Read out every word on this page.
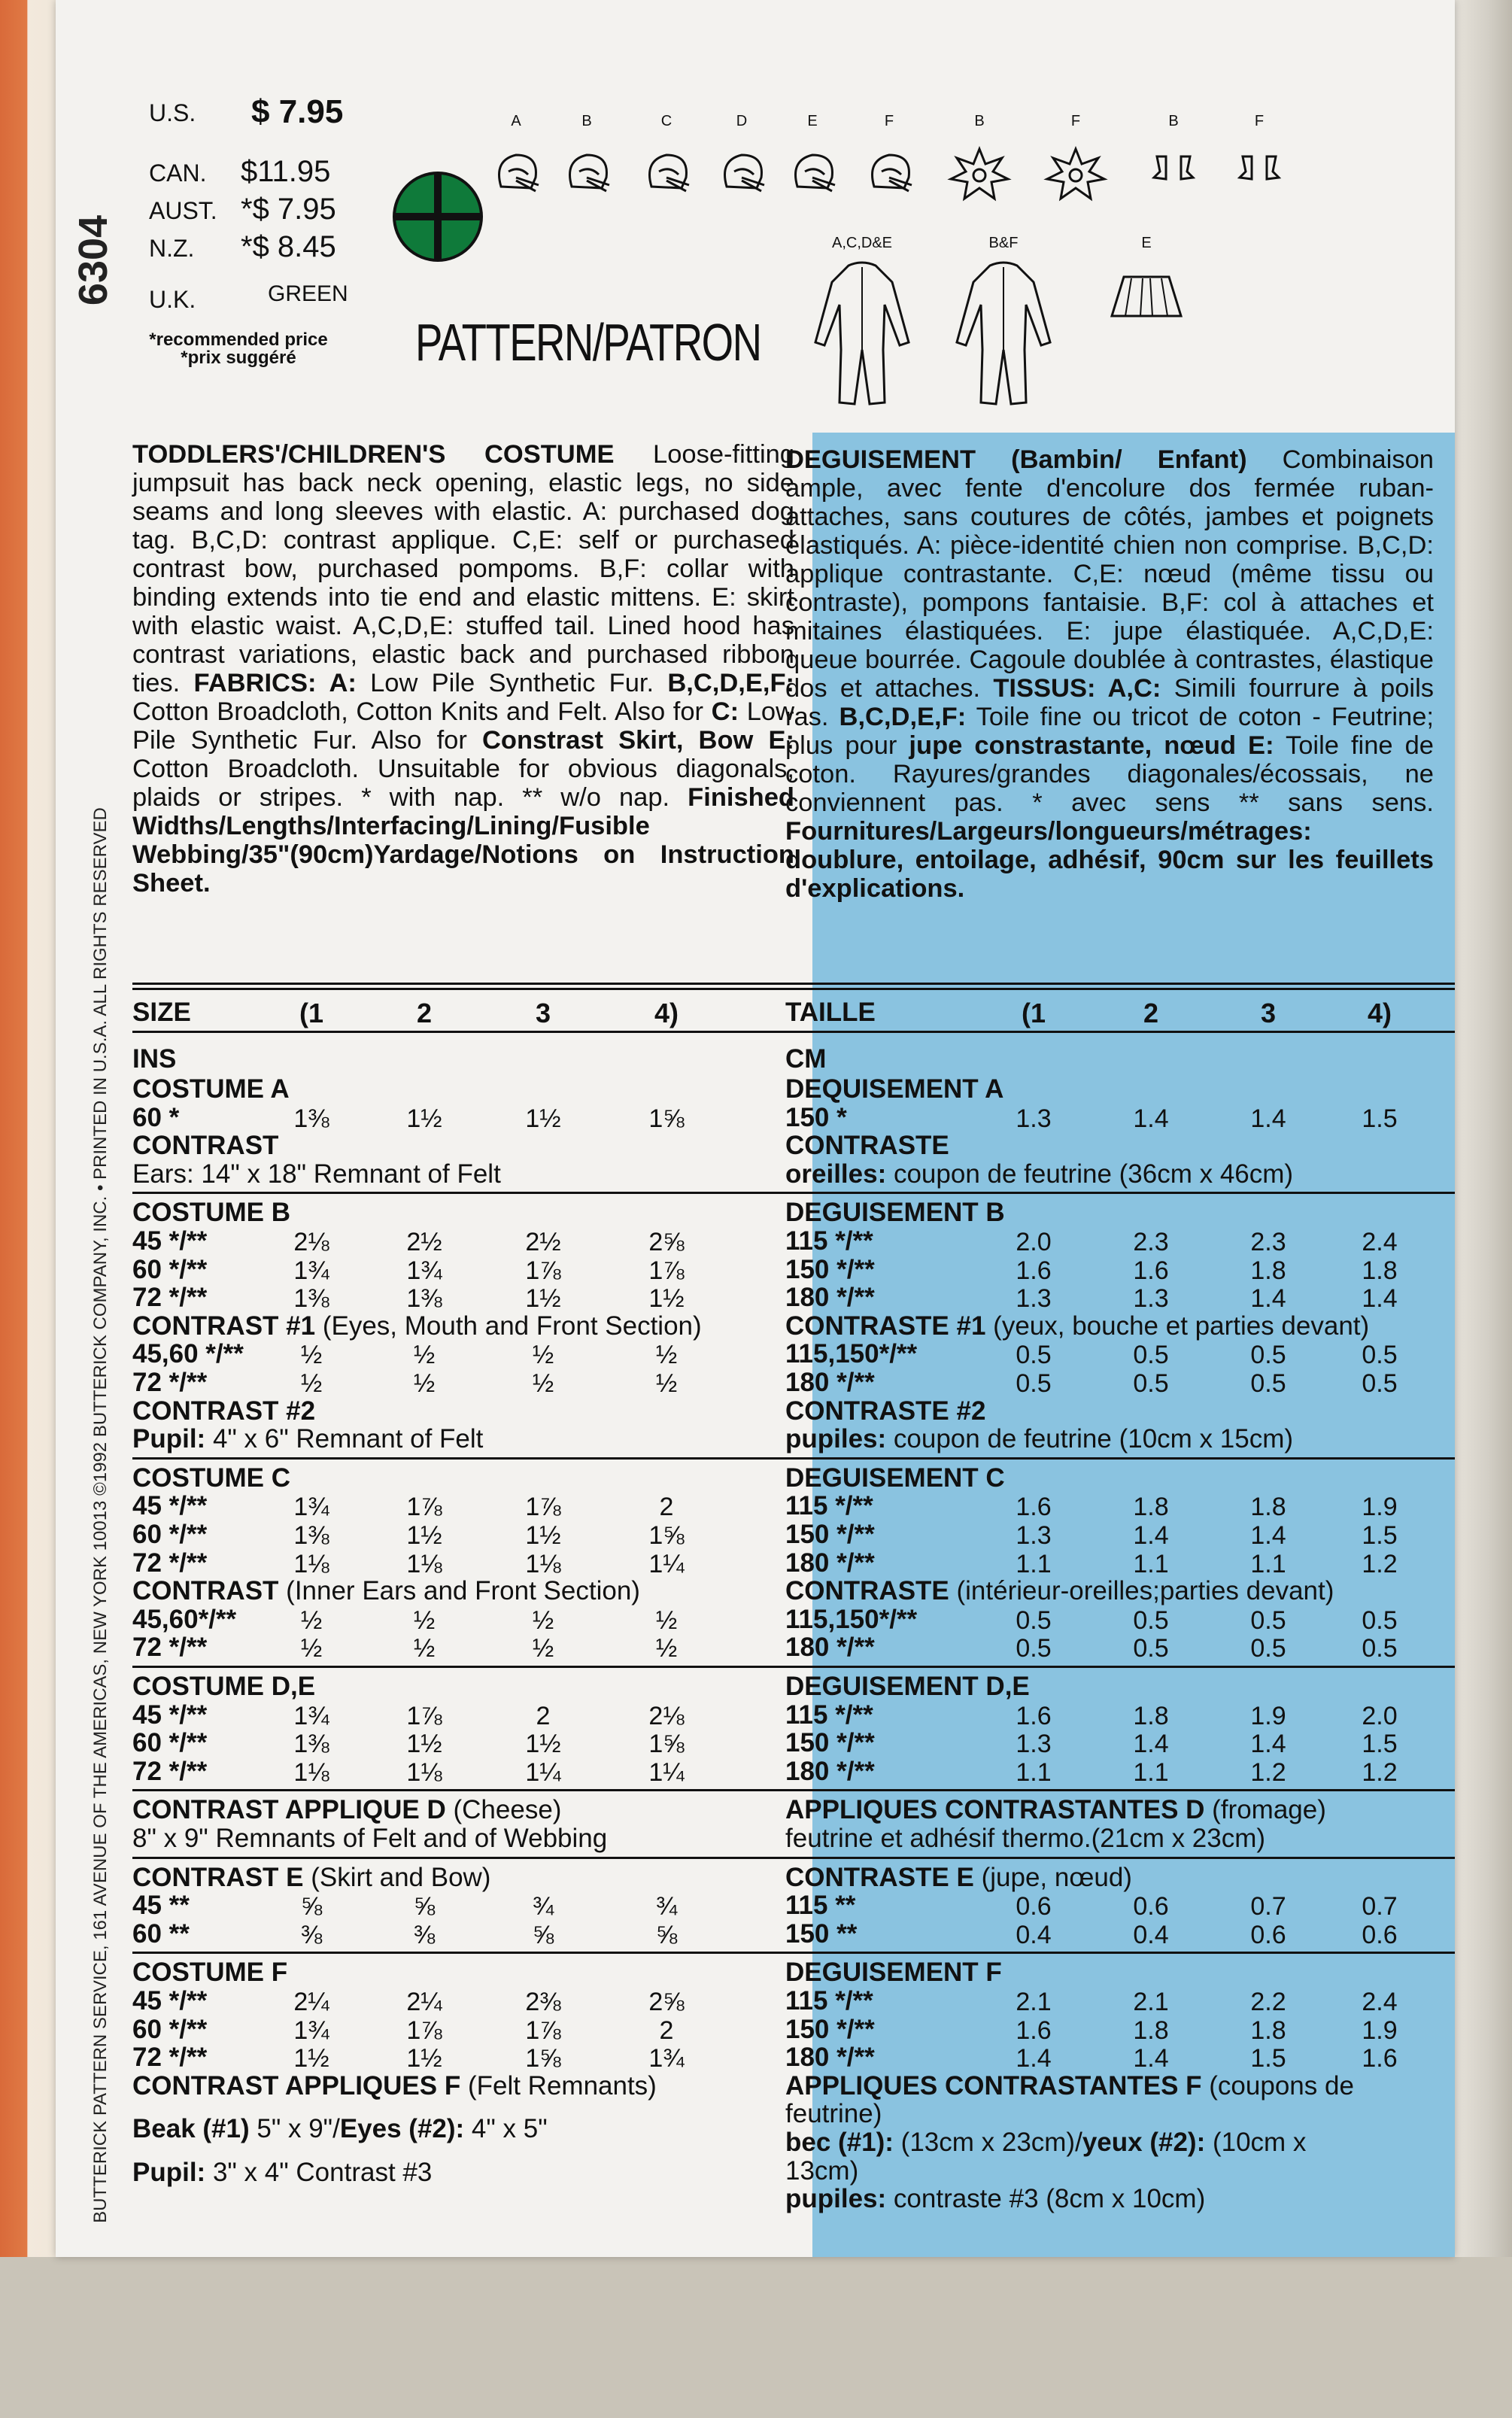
6304
BUTTERICK PATTERN SERVICE, 161 AVENUE OF THE AMERICAS, NEW YORK 10013 ©1992 BUTTERICK COMPANY, INC. • PRINTED IN U.S.A. ALL RIGHTS RESERVED
U.S. $ 7.95
CAN. $11.95
AUST. *$ 7.95
N.Z. *$ 8.45
U.K.	GREEN
*recommended price
*prix suggéré	PATTERN/PATRON
A	B	C	D	E	F	B	F	B	F
A,C,D&E	B&F	E
TODDLERS'/CHILDREN'S COSTUME Loose-fitting jumpsuit has back neck opening, elastic legs, no side seams and long sleeves with elastic. A: purchased dog tag. B,C,D: contrast applique. C,E: self or purchased contrast bow, purchased pompoms. B,F: collar with binding extends into tie end and elastic mittens. E: skirt with elastic waist. A,C,D,E: stuffed tail. Lined hood has contrast variations, elastic back and purchased ribbon ties. FABRICS: A: Low Pile Synthetic Fur. B,C,D,E,F: Cotton Broadcloth, Cotton Knits and Felt. Also for C: Low Pile Synthetic Fur. Also for Constrast Skirt, Bow E: Cotton Broadcloth. Unsuitable for obvious diagonals, plaids or stripes. * with nap. ** w/o nap. Finished Widths/Lengths/Interfacing/Lining/Fusible Webbing/35"(90cm)Yardage/Notions on Instruction Sheet.
DEGUISEMENT (Bambin/ Enfant) Combinaison ample, avec fente d'encolure dos fermée ruban-attaches, sans coutures de côtés, jambes et poignets élastiqués. A: pièce-identité chien non comprise. B,C,D: applique contrastante. C,E: nœud (même tissu ou contraste), pompons fantaisie. B,F: col à attaches et mitaines élastiquées. E: jupe élastiquée. A,C,D,E: queue bourrée. Cagoule doublée à contrastes, élastique dos et attaches. TISSUS: A,C: Simili fourrure à poils ras. B,C,D,E,F: Toile fine ou tricot de coton - Feutrine; plus pour jupe constrastante, nœud E: Toile fine de coton. Rayures/grandes diagonales/écossais, ne conviennent pas. * avec sens ** sans sens. Fournitures/Largeurs/longueurs/métrages: doublure, entoilage, adhésif, 90cm sur les feuillets d'explications.
SIZE	(1	2	3	4)
INS
COSTUME A
60 *	1⅜	1½	1½	1⅝
CONTRAST
Ears: 14" x 18" Remnant of Felt
COSTUME B
45 */**	2⅛	2½	2½	2⅝
60 */**	1¾	1¾	1⅞	1⅞
72 */**	1⅜	1⅜	1½	1½
CONTRAST #1 (Eyes, Mouth and Front Section)
45,60 */**	½	½	½	½
72 */**	½	½	½	½
CONTRAST #2
Pupil: 4" x 6" Remnant of Felt
COSTUME C
45 */**	1¾	1⅞	1⅞	2
60 */**	1⅜	1½	1½	1⅝
72 */**	1⅛	1⅛	1⅛	1¼
CONTRAST (Inner Ears and Front Section)
45,60*/**	½	½	½	½
72 */**	½	½	½	½
COSTUME D,E
45 */**	1¾	1⅞	2	2⅛
60 */**	1⅜	1½	1½	1⅝
72 */**	1⅛	1⅛	1¼	1¼
CONTRAST APPLIQUE D (Cheese)
8" x 9" Remnants of Felt and of Webbing
CONTRAST E (Skirt and Bow)
45 **	⅝	⅝	¾	¾
60 **	⅜	⅜	⅝	⅝
COSTUME F
45 */**	2¼	2¼	2⅜	2⅝
60 */**	1¾	1⅞	1⅞	2
72 */**	1½	1½	1⅝	1¾
CONTRAST APPLIQUES F (Felt Remnants)
Beak (#1) 5" x 9"/Eyes (#2): 4" x 5"
Pupil: 3" x 4" Contrast #3
TAILLE	(1	2	3	4)
CM
DEQUISEMENT A
150 *	1.3	1.4	1.4	1.5
CONTRASTE
oreilles: coupon de feutrine (36cm x 46cm)
DEGUISEMENT B
115 */**	2.0	2.3	2.3	2.4
150 */**	1.6	1.6	1.8	1.8
180 */**	1.3	1.3	1.4	1.4
CONTRASTE #1 (yeux, bouche et parties devant)
115,150*/**	0.5	0.5	0.5	0.5
180 */**	0.5	0.5	0.5	0.5
CONTRASTE #2
pupiles: coupon de feutrine (10cm x 15cm)
DEGUISEMENT C
115 */**	1.6	1.8	1.8	1.9
150 */**	1.3	1.4	1.4	1.5
180 */**	1.1	1.1	1.1	1.2
CONTRASTE (intérieur-oreilles;parties devant)
115,150*/**	0.5	0.5	0.5	0.5
180 */**	0.5	0.5	0.5	0.5
DEGUISEMENT D,E
115 */**	1.6	1.8	1.9	2.0
150 */**	1.3	1.4	1.4	1.5
180 */**	1.1	1.1	1.2	1.2
APPLIQUES CONTRASTANTES D (fromage)
feutrine et adhésif thermo.(21cm x 23cm)
CONTRASTE E (jupe, nœud)
115 **	0.6	0.6	0.7	0.7
150 **	0.4	0.4	0.6	0.6
DEGUISEMENT F
115 */**	2.1	2.1	2.2	2.4
150 */**	1.6	1.8	1.8	1.9
180 */**	1.4	1.4	1.5	1.6
APPLIQUES CONTRASTANTES F (coupons de
feutrine)
bec (#1): (13cm x 23cm)/yeux (#2): (10cm x
13cm)
pupiles: contraste #3 (8cm x 10cm)
